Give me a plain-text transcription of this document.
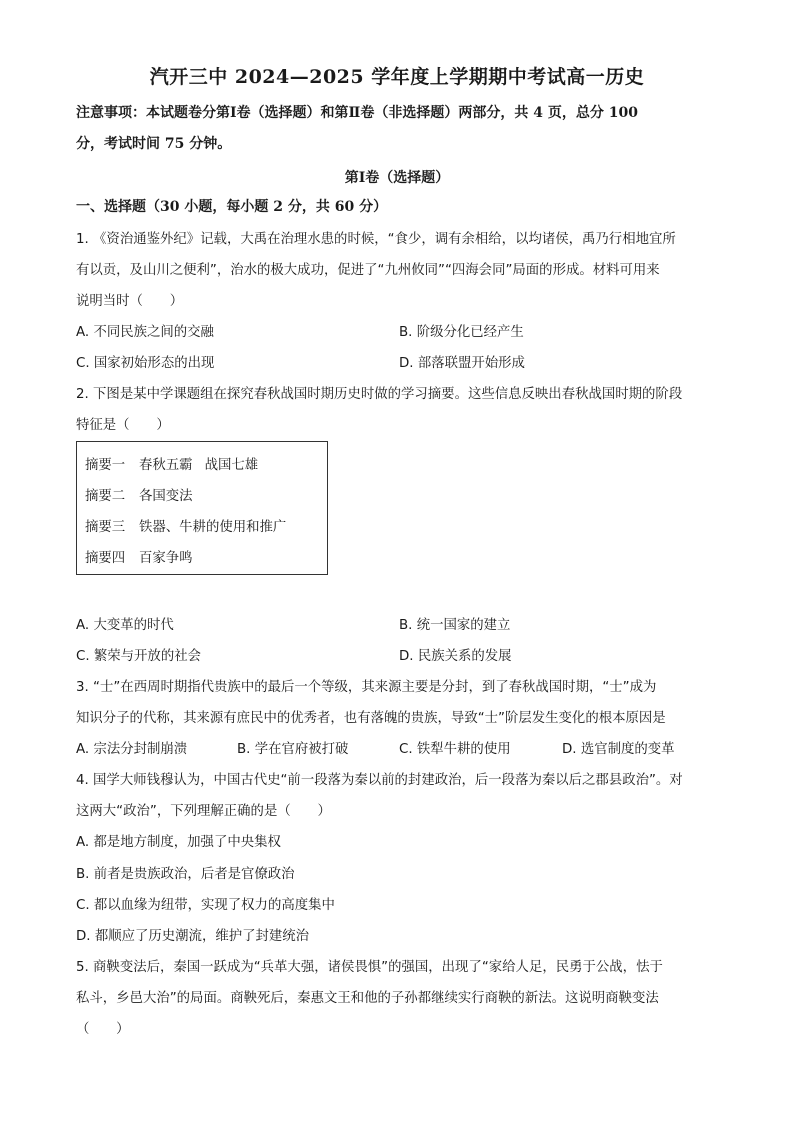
汽开三中 2024—2025 学年度上学期期中考试高一历史
注意事项：本试题卷分第Ⅰ卷（选择题）和第Ⅱ卷（非选择题）两部分，共 4 页，总分 100
分，考试时间 75 分钟。
第Ⅰ卷（选择题）
一、选择题（30 小题，每小题 2 分，共 60 分）
1. 《资治通鉴外纪》记载，大禹在治理水患的时候，“食少，调有余相给，以均诸侯，禹乃行相地宜所
有以贡，及山川之便利”，治水的极大成功，促进了“九州攸同”“四海会同”局面的形成。材料可用来
说明当时（　　）
A. 不同民族之间的交融	B. 阶级分化已经产生
C. 国家初始形态的出现	D. 部落联盟开始形成
2. 下图是某中学课题组在探究春秋战国时期历史时做的学习摘要。这些信息反映出春秋战国时期的阶段
特征是（　　）
摘要一 春秋五霸 战国七雄
摘要二 各国变法
摘要三 铁器、牛耕的使用和推广
摘要四 百家争鸣
A. 大变革的时代	B. 统一国家的建立
C. 繁荣与开放的社会	D. 民族关系的发展
3. “士”在西周时期指代贵族中的最后一个等级，其来源主要是分封，到了春秋战国时期，“士”成为
知识分子的代称，其来源有庶民中的优秀者，也有落魄的贵族，导致“士”阶层发生变化的根本原因是
A. 宗法分封制崩溃	B. 学在官府被打破	C. 铁犁牛耕的使用	D. 选官制度的变革
4. 国学大师钱穆认为，中国古代史“前一段落为秦以前的封建政治，后一段落为秦以后之郡县政治”。对
这两大“政治”，下列理解正确的是（　　）
A. 都是地方制度，加强了中央集权
B. 前者是贵族政治，后者是官僚政治
C. 都以血缘为纽带，实现了权力的高度集中
D. 都顺应了历史潮流，维护了封建统治
5. 商鞅变法后，秦国一跃成为“兵革大强，诸侯畏惧”的强国，出现了“家给人足，民勇于公战，怯于
私斗，乡邑大治”的局面。商鞅死后，秦惠文王和他的子孙都继续实行商鞅的新法。这说明商鞅变法
（　　）
